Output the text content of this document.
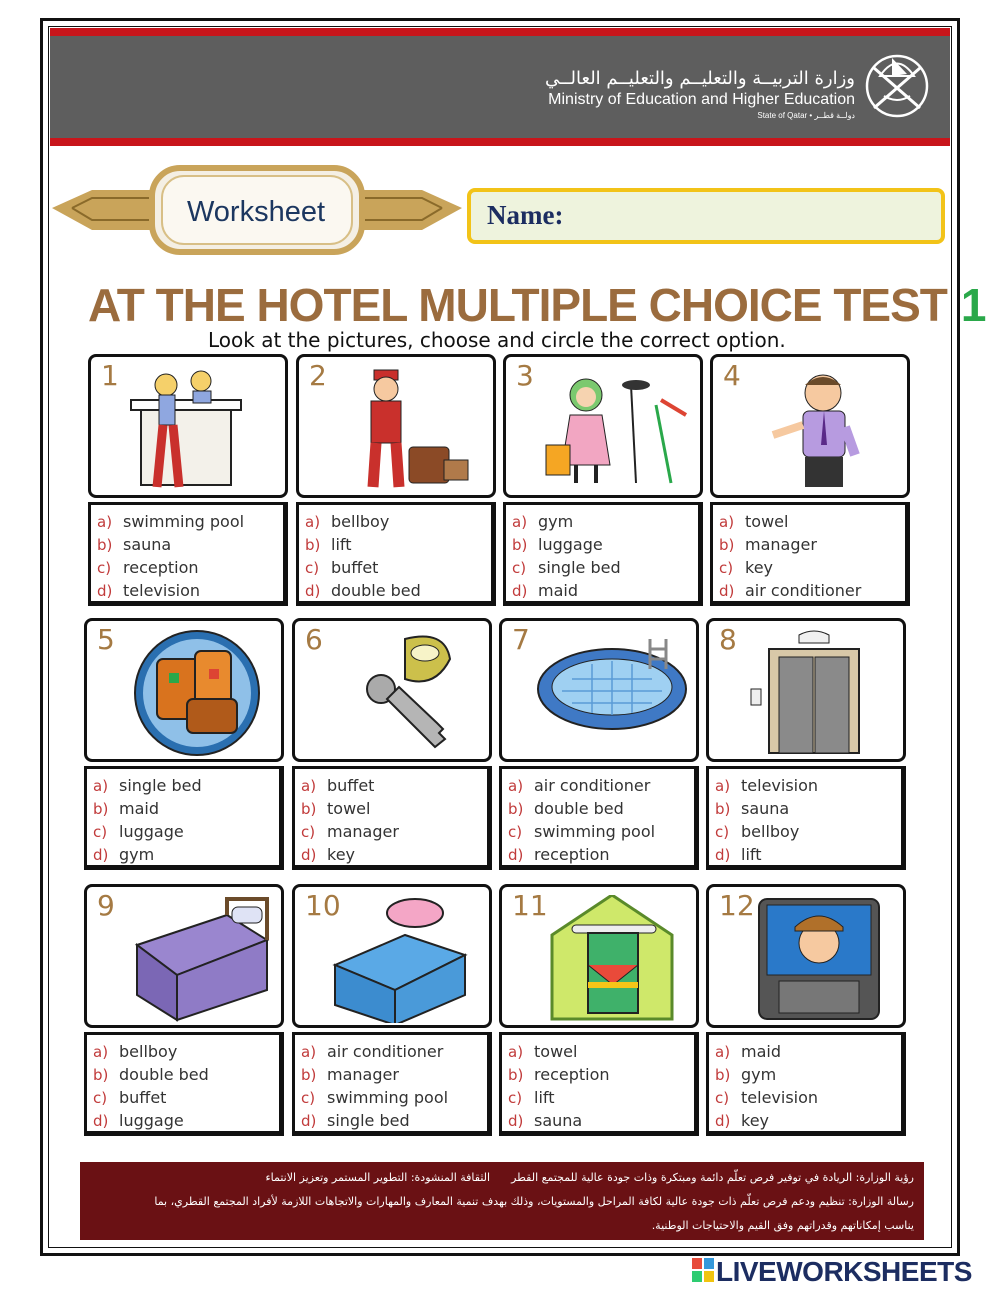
وزارة التربيــة والتعليــم والتعليــم العالــي
Ministry of Education and Higher Education
State of Qatar • دولــة قطــر
Worksheet	Name:
AT THE HOTEL MULTIPLE CHOICE TEST 1
Look at the pictures, choose and circle the correct option.
1
a) swimming pool
b) sauna
c) reception
d) television
2
a) bellboy
b) lift
c) buffet
d) double bed
3
a) gym
b) luggage
c) single bed
d) maid
4
a) towel
b) manager
c) key
d) air conditioner
5
a) single bed
b) maid
c) luggage
d) gym
6
a) buffet
b) towel
c) manager
d) key
7
a) air conditioner
b) double bed
c) swimming pool
d) reception
8
a) television
b) sauna
c) bellboy
d) lift
9
a) bellboy
b) double bed
c) buffet
d) luggage
10
a) air conditioner
b) manager
c) swimming pool
d) single bed
11
a) towel
b) reception
c) lift
d) sauna
12
a) maid
b) gym
c) television
d) key
رؤية الوزارة: الريادة في توفير فرص تعلّم دائمة ومبتكرة وذات جودة عالية للمجتمع القطر      الثقافة المنشودة: التطوير المستمر وتعزيز الانتماء
رسالة الوزارة: تنظيم ودعم فرص تعلّم ذات جودة عالية لكافة المراحل والمستويات، وذلك بهدف تنمية المعارف والمهارات والاتجاهات اللازمة لأفراد المجتمع القطري، بما
يناسب إمكاناتهم وقدراتهم وفق القيم والاحتياجات الوطنية.
LIVEWORKSHEETS
